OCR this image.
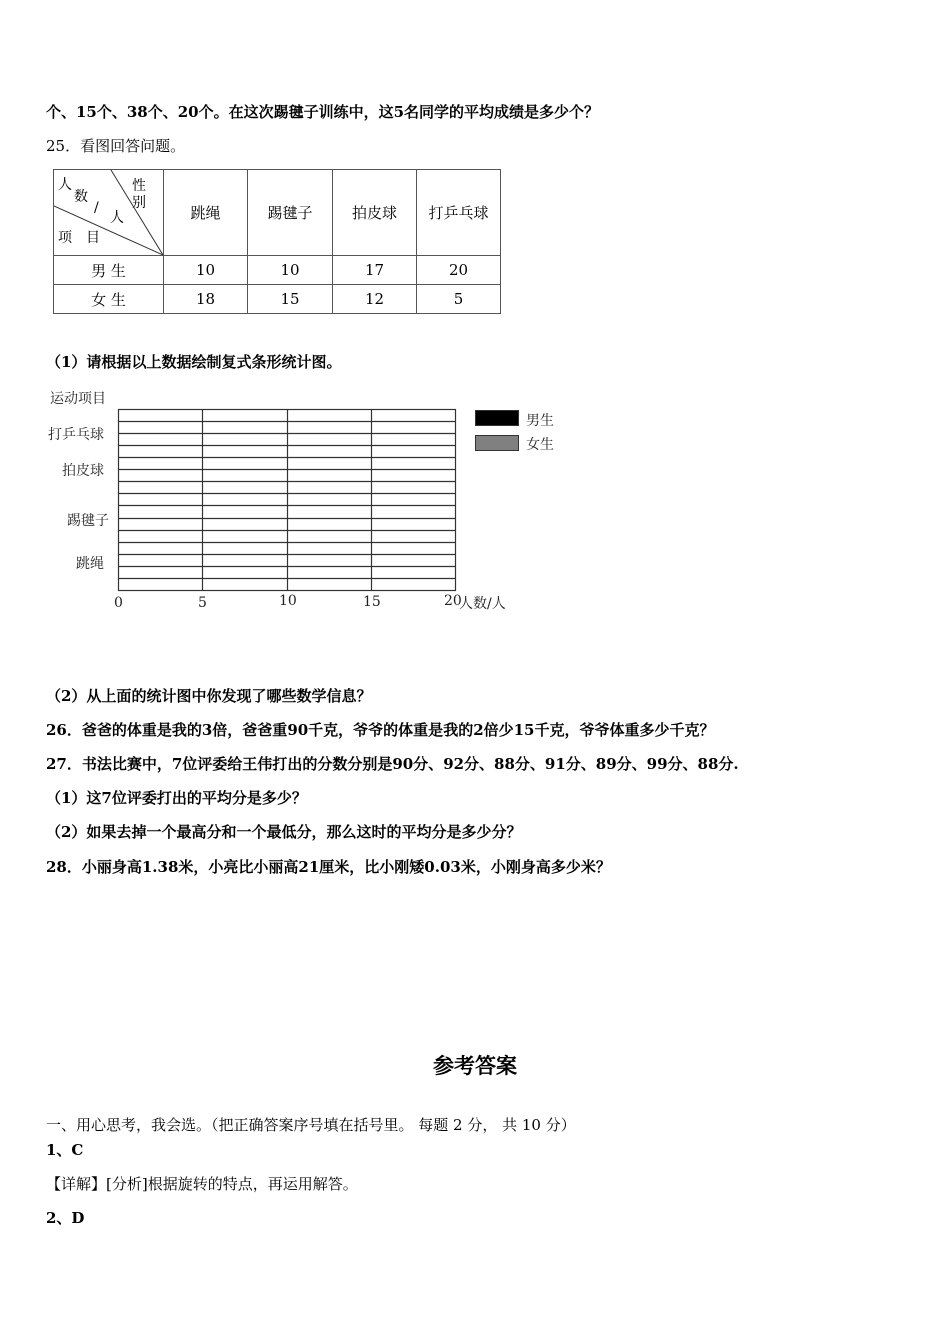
个、15个、38个、20个。在这次踢毽子训练中，这5名同学的平均成绩是多少个？
25．看图回答问题。
性
别
人
数
/
人
项 目
	跳绳	踢毽子	拍皮球	打乒乓球
男 生	10	10	17	20
女 生	18	15	12	5
（1）请根据以上数据绘制复式条形统计图。
运动项目
打乒乓球
拍皮球
踢毽子
跳绳
0	5	10	15	20
人数/人
男生
女生
（2）从上面的统计图中你发现了哪些数学信息？
26．爸爸的体重是我的3倍，爸爸重90千克，爷爷的体重是我的2倍少15千克，爷爷体重多少千克？
27．书法比赛中，7位评委给王伟打出的分数分别是90分、92分、88分、91分、89分、99分、88分.
（1）这7位评委打出的平均分是多少？
（2）如果去掉一个最高分和一个最低分，那么这时的平均分是多少分？
28．小丽身高1.38米，小亮比小丽高21厘米，比小刚矮0.03米，小刚身高多少米？
参考答案
一、用心思考，我会选。（把正确答案序号填在括号里。 每题 2 分， 共 10 分）
1、C
【详解】[分析]根据旋转的特点，再运用解答。
2、D
